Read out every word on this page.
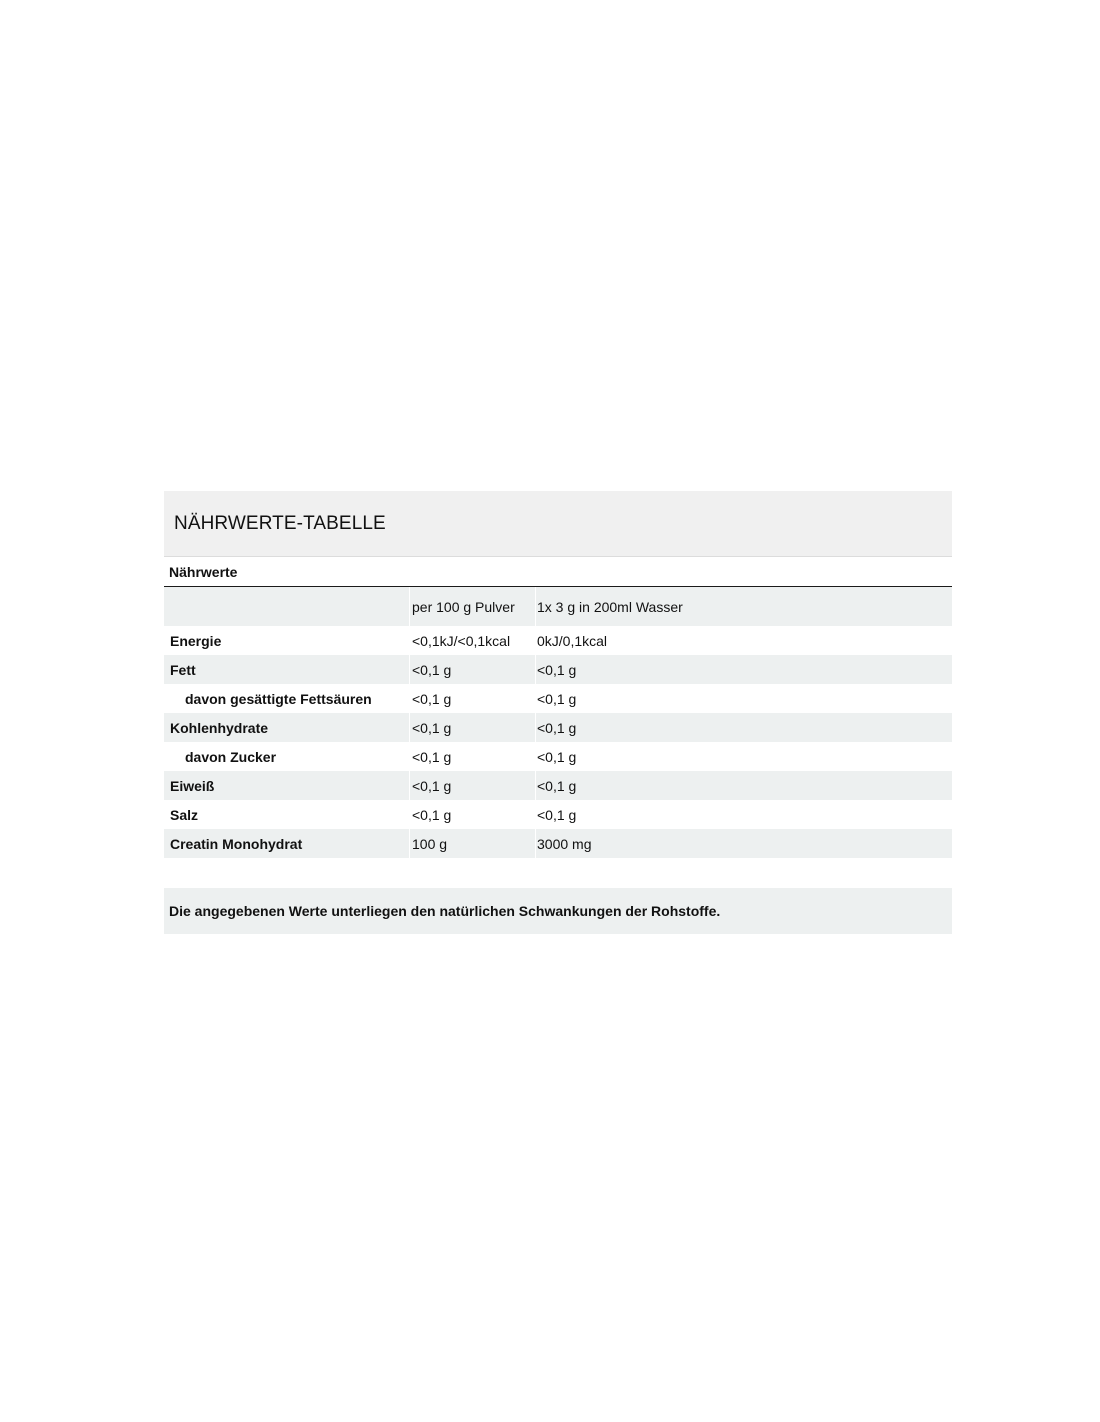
NÄHRWERTE-TABELLE
Nährwerte
	per 100 g Pulver	1x 3 g in 200ml Wasser
Energie	<0,1kJ/<0,1kcal	0kJ/0,1kcal
Fett	<0,1 g	<0,1 g
davon gesättigte Fettsäuren	<0,1 g	<0,1 g
Kohlenhydrate	<0,1 g	<0,1 g
davon Zucker	<0,1 g	<0,1 g
Eiweiß	<0,1 g	<0,1 g
Salz	<0,1 g	<0,1 g
Creatin Monohydrat	100 g	3000 mg
Die angegebenen Werte unterliegen den natürlichen Schwankungen der Rohstoffe.
